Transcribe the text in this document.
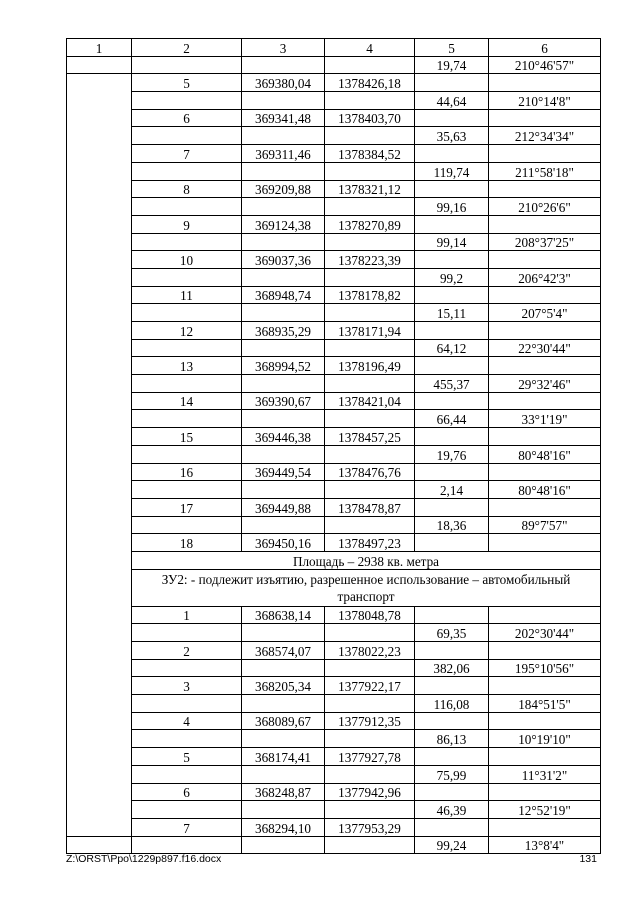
1	2	3	4	5	6
				19,74	210°46'57"
	5	369380,04	1378426,18		
				44,64	210°14'8"
	6	369341,48	1378403,70		
				35,63	212°34'34"
	7	369311,46	1378384,52		
				119,74	211°58'18"
	8	369209,88	1378321,12		
				99,16	210°26'6"
	9	369124,38	1378270,89		
				99,14	208°37'25"
	10	369037,36	1378223,39		
				99,2	206°42'3"
	11	368948,74	1378178,82		
				15,11	207°5'4"
	12	368935,29	1378171,94		
				64,12	22°30'44"
	13	368994,52	1378196,49		
				455,37	29°32'46"
	14	369390,67	1378421,04		
				66,44	33°1'19"
	15	369446,38	1378457,25		
				19,76	80°48'16"
	16	369449,54	1378476,76		
				2,14	80°48'16"
	17	369449,88	1378478,87		
				18,36	89°7'57"
	18	369450,16	1378497,23		
	Площадь – 2938 кв. метра				
	ЗУ2: - подлежит изъятию, разрешенное использование – автомобильный транспорт				
	1	368638,14	1378048,78		
				69,35	202°30'44"
	2	368574,07	1378022,23		
				382,06	195°10'56"
	3	368205,34	1377922,17		
				116,08	184°51'5"
	4	368089,67	1377912,35		
				86,13	10°19'10"
	5	368174,41	1377927,78		
				75,99	11°31'2"
	6	368248,87	1377942,96		
				46,39	12°52'19"
	7	368294,10	1377953,29		
				99,24	13°8'4"
Z:\ORST\Ppo\1229p897.f16.docx	131
